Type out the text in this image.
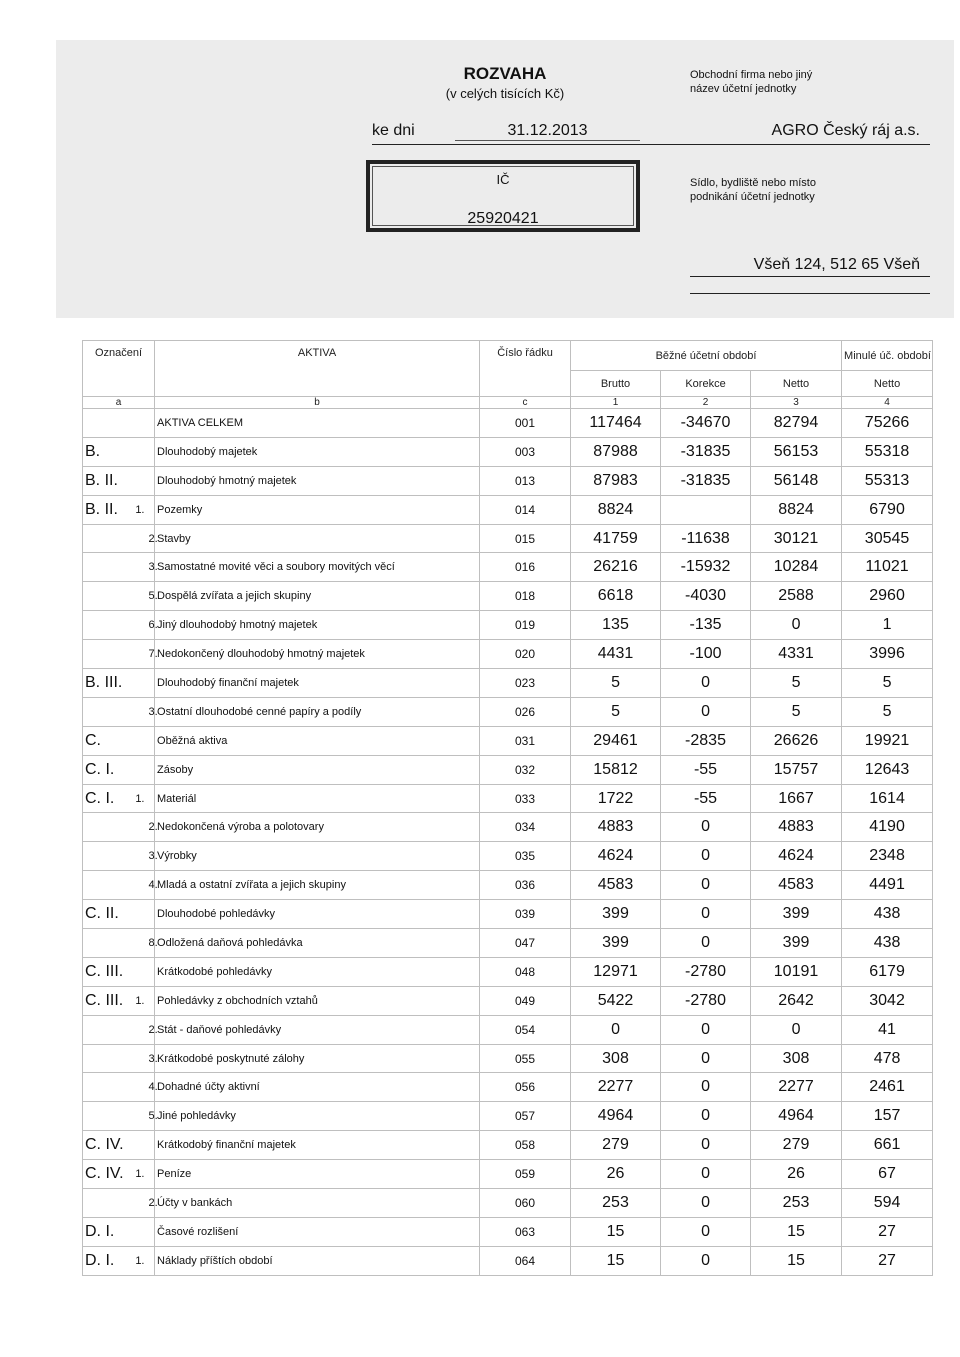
ROZVAHA
(v celých tisících Kč)
Obchodní firma nebo jiný
název účetní jednotky
ke dni	31.12.2013	AGRO Český ráj a.s.
IČ
25920421
Sídlo, bydliště nebo místo
podnikání účetní jednotky
Všeň 124, 512 65 Všeň
Označení			AKTIVA	Číslo řádku	Běžné účetní období			Minulé úč. období
					Brutto	Korekce	Netto	Netto
a			b	c	1	2	3	4
			AKTIVA CELKEM	001	117464	-34670	82794	75266
B.			Dlouhodobý majetek	003	87988	-31835	56153	55318
B. II.			Dlouhodobý hmotný majetek	013	87983	-31835	56148	55313
B. II.	1.		Pozemky	014	8824		8824	6790
		2.	Stavby	015	41759	-11638	30121	30545
		3.	Samostatné movité věci a soubory movitých věcí	016	26216	-15932	10284	11021
		5.	Dospělá zvířata a jejich skupiny	018	6618	-4030	2588	2960
		6.	Jiný dlouhodobý hmotný majetek	019	135	-135	0	1
		7.	Nedokončený dlouhodobý hmotný majetek	020	4431	-100	4331	3996
B. III.			Dlouhodobý finanční majetek	023	5	0	5	5
		3.	Ostatní dlouhodobé cenné papíry a podíly	026	5	0	5	5
C.			Oběžná aktiva	031	29461	-2835	26626	19921
C. I.			Zásoby	032	15812	-55	15757	12643
C. I.	1.		Materiál	033	1722	-55	1667	1614
		2.	Nedokončená výroba a polotovary	034	4883	0	4883	4190
		3.	Výrobky	035	4624	0	4624	2348
		4.	Mladá a ostatní zvířata a jejich skupiny	036	4583	0	4583	4491
C. II.			Dlouhodobé pohledávky	039	399	0	399	438
		8.	Odložená daňová pohledávka	047	399	0	399	438
C. III.			Krátkodobé pohledávky	048	12971	-2780	10191	6179
C. III.	1.		Pohledávky z obchodních vztahů	049	5422	-2780	2642	3042
		2.	Stát - daňové pohledávky	054	0	0	0	41
		3.	Krátkodobé poskytnuté zálohy	055	308	0	308	478
		4.	Dohadné účty aktivní	056	2277	0	2277	2461
		5.	Jiné pohledávky	057	4964	0	4964	157
C. IV.			Krátkodobý finanční majetek	058	279	0	279	661
C. IV.	1.		Peníze	059	26	0	26	67
		2.	Účty v bankách	060	253	0	253	594
D. I.			Časové rozlišení	063	15	0	15	27
D. I.	1.		Náklady příštích období	064	15	0	15	27
